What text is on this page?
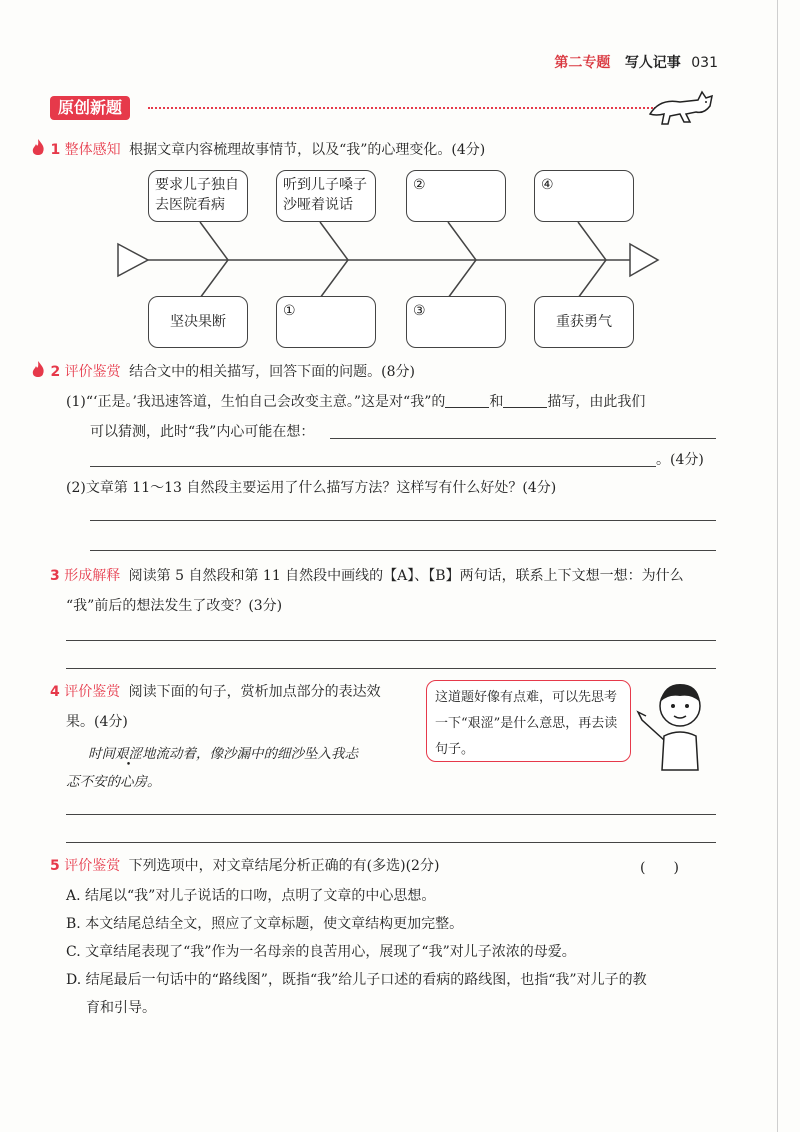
第二专题 写人记事 031
原创新题
1 整体感知 根据文章内容梳理故事情节，以及“我”的心理变化。(4分)
要求儿子独自去医院看病
听到儿子嗓子沙哑着说话
②	④
坚决果断
①	③
重获勇气
2 评价鉴赏 结合文中的相关描写，回答下面的问题。(8分)
(1)“‘正是。’我迅速答道，生怕自己会改变主意。”这是对“我”的	和	描写，由此我们
可以猜测，此时“我”内心可能在想：
。(4分)
(2)文章第 11～13 自然段主要运用了什么描写方法？这样写有什么好处？(4分)
3 形成解释 阅读第 5 自然段和第 11 自然段中画线的【A】、【B】两句话，联系上下文想一想：为什么
“我”前后的想法发生了改变？(3分)
4 评价鉴赏 阅读下面的句子，赏析加点部分的表达效
果。(4分)
时间艰涩地流动着，像沙漏中的细沙坠入我忐
忑不安的心房。
这道题好像有点难，可以先思考一下“艰涩”是什么意思，再去读句子。
5 评价鉴赏 下列选项中，对文章结尾分析正确的有(多选)(2分)	(　　)
A. 结尾以“我”对儿子说话的口吻，点明了文章的中心思想。
B. 本文结尾总结全文，照应了文章标题，使文章结构更加完整。
C. 文章结尾表现了“我”作为一名母亲的良苦用心，展现了“我”对儿子浓浓的母爱。
D. 结尾最后一句话中的“路线图”，既指“我”给儿子口述的看病的路线图，也指“我”对儿子的教
育和引导。
